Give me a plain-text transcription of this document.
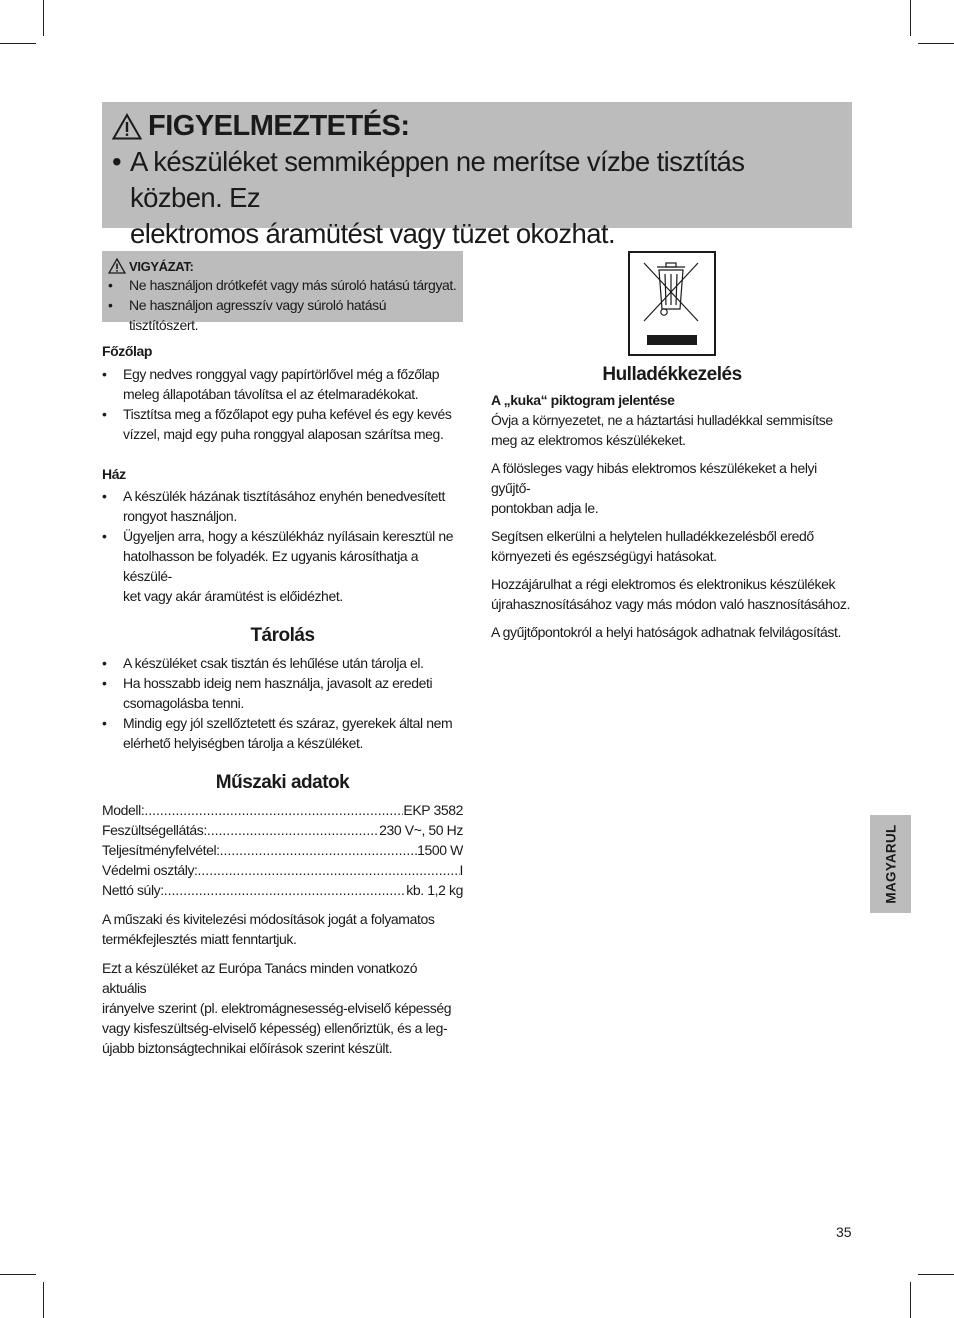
FIGYELMEZTETÉS:
• A készüléket semmiképpen ne merítse vízbe tisztítás közben. Ez
elektromos áramütést vagy tüzet okozhat.
VIGYÁZAT:
•	Ne használjon drótkefét vagy más súroló hatású tárgyat.
•	Ne használjon agresszív vagy súroló hatású tisztítószert.
Főzőlap
•	Egy nedves ronggyal vagy papírtörlővel még a főzőlap
meleg állapotában távolítsa el az ételmaradékokat.
•	Tisztítsa meg a főzőlapot egy puha kefével és egy kevés
vízzel, majd egy puha ronggyal alaposan szárítsa meg.
Ház
•	A készülék házának tisztításához enyhén benedvesített
rongyot használjon.
•	Ügyeljen arra, hogy a készülékház nyílásain keresztül ne
hatolhasson be folyadék. Ez ugyanis károsíthatja a készülé-
ket vagy akár áramütést is előidézhet.
Tárolás
•	A készüléket csak tisztán és lehűlése után tárolja el.
•	Ha hosszabb ideig nem használja, javasolt az eredeti
csomagolásba tenni.
•	Mindig egy jól szellőztetett és száraz, gyerekek által nem
elérhető helyiségben tárolja a készüléket.
Műszaki adatok
Modell: .....	EKP 3582
Feszültségellátás: .....	230 V~, 50 Hz
Teljesítményfelvétel: .....	1500 W
Védelmi osztály: .....	I
Nettó súly: .....	kb. 1,2 kg
A műszaki és kivitelezési módosítások jogát a folyamatos
termékfejlesztés miatt fenntartjuk.
Ezt a készüléket az Európa Tanács minden vonatkozó aktuális
irányelve szerint (pl. elektromágnesesség-elviselő képesség
vagy kisfeszültség-elviselő képesség) ellenőriztük, és a leg-
újabb biztonságtechnikai előírások szerint készült.
Hulladékkezelés
A „kuka“ piktogram jelentése
Óvja a környezetet, ne a háztartási hulladékkal semmisítse
meg az elektromos készülékeket.
A fölösleges vagy hibás elektromos készülékeket a helyi gyűjtő-
pontokban adja le.
Segítsen elkerülni a helytelen hulladékkezelésből eredő
környezeti és egészségügyi hatásokat.
Hozzájárulhat a régi elektromos és elektronikus készülékek
újrahasznosításához vagy más módon való hasznosításához.
A gyűjtőpontokról a helyi hatóságok adhatnak felvilágosítást.
MAGYARUL
35
